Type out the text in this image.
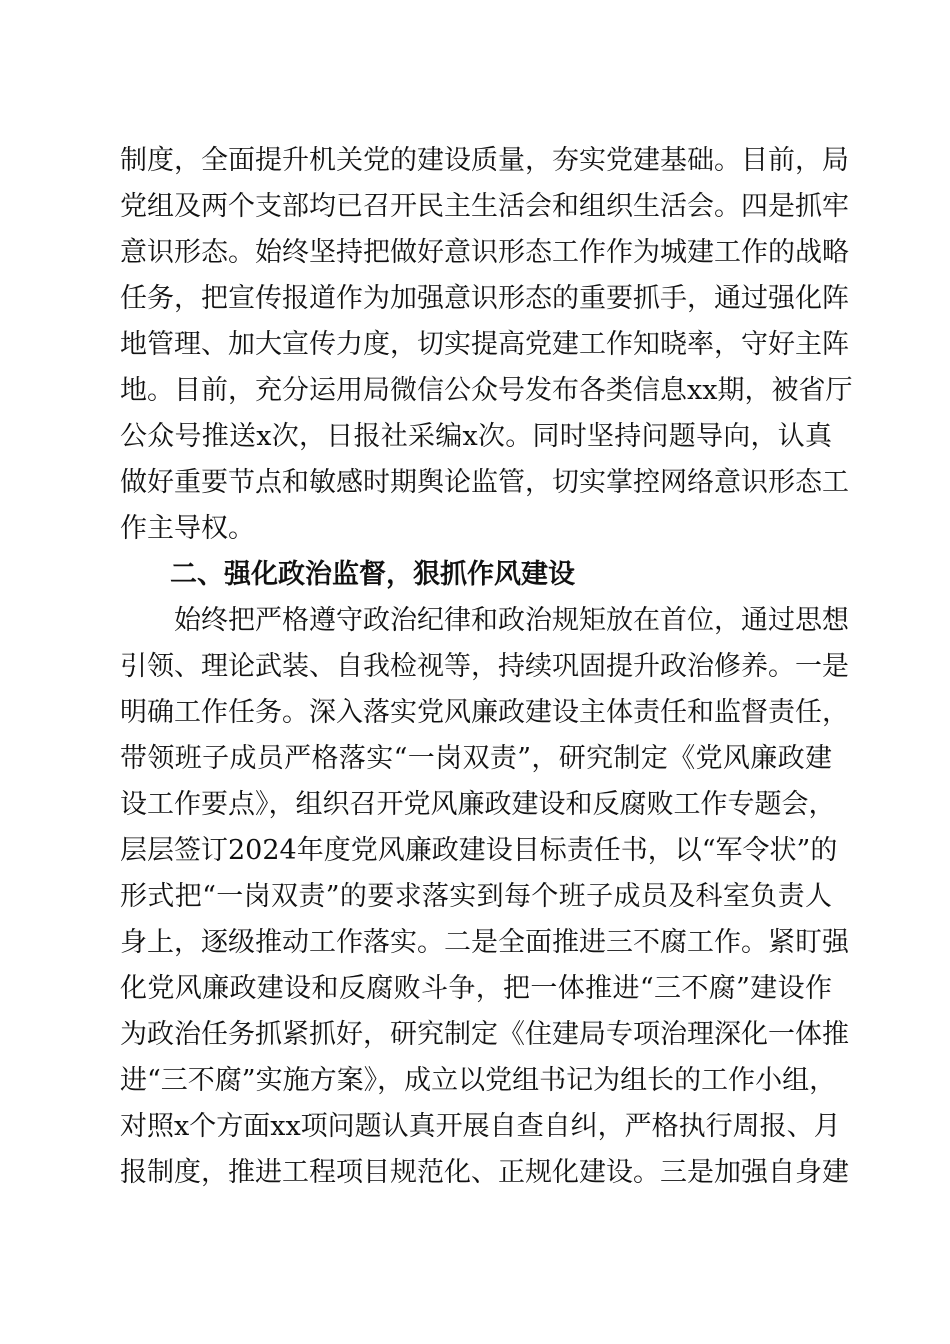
制度，全面提升机关党的建设质量，夯实党建基础。目前，局
党组及两个支部均已召开民主生活会和组织生活会。四是抓牢
意识形态。始终坚持把做好意识形态工作作为城建工作的战略
任务，把宣传报道作为加强意识形态的重要抓手，通过强化阵
地管理、加大宣传力度，切实提高党建工作知晓率，守好主阵
地。目前，充分运用局微信公众号发布各类信息xx期，被省厅
公众号推送x次，日报社采编x次。同时坚持问题导向，认真
做好重要节点和敏感时期舆论监管，切实掌控网络意识形态工
作主导权。
二、强化政治监督，狠抓作风建设
始终把严格遵守政治纪律和政治规矩放在首位，通过思想
引领、理论武装、自我检视等，持续巩固提升政治修养。一是
明确工作任务。深入落实党风廉政建设主体责任和监督责任，
带领班子成员严格落实“一岗双责”，研究制定《党风廉政建
设工作要点》，组织召开党风廉政建设和反腐败工作专题会，
层层签订2024年度党风廉政建设目标责任书，以“军令状”的
形式把“一岗双责”的要求落实到每个班子成员及科室负责人
身上，逐级推动工作落实。二是全面推进三不腐工作。紧盯强
化党风廉政建设和反腐败斗争，把一体推进“三不腐”建设作
为政治任务抓紧抓好，研究制定《住建局专项治理深化一体推
进“三不腐”实施方案》，成立以党组书记为组长的工作小组，
对照x个方面xx项问题认真开展自查自纠，严格执行周报、月
报制度，推进工程项目规范化、正规化建设。三是加强自身建
